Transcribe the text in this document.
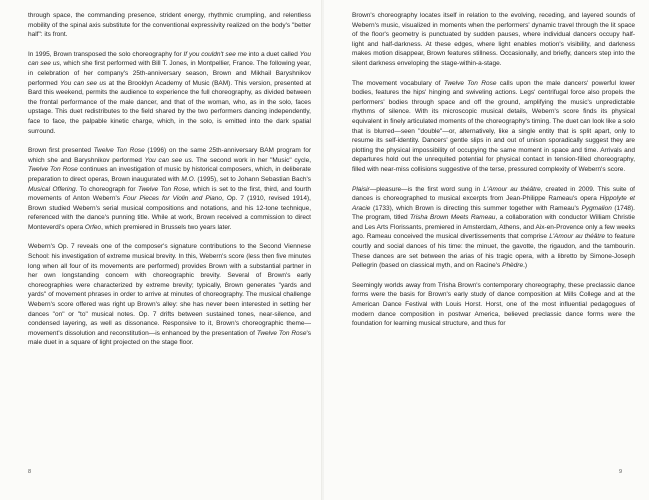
through space, the commanding presence, strident energy, rhythmic crumpling, and relentless mobility of the spinal axis substitute for the conventional expressivity realized on the body's "better half": its front.

In 1995, Brown transposed the solo choreography for If you couldn't see me into a duet called You can see us, which she first performed with Bill T. Jones, in Montpellier, France. The following year, in celebration of her company's 25th-anniversary season, Brown and Mikhail Baryshnikov performed You can see us at the Brooklyn Academy of Music (BAM). This version, presented at Bard this weekend, permits the audience to experience the full choreography, as divided between the frontal performance of the male dancer, and that of the woman, who, as in the solo, faces upstage. This duet redistributes to the field shared by the two performers dancing independently, face to face, the palpable kinetic charge, which, in the solo, is emitted into the dark spatial surround.

Brown first presented Twelve Ton Rose (1996) on the same 25th-anniversary BAM program for which she and Baryshnikov performed You can see us. The second work in her "Music" cycle, Twelve Ton Rose continues an investigation of music by historical composers, which, in deliberate preparation to direct operas, Brown inaugurated with M.O. (1995), set to Johann Sebastian Bach's Musical Offering. To choreograph for Twelve Ton Rose, which is set to the first, third, and fourth movements of Anton Webern's Four Pieces for Violin and Piano, Op. 7 (1910, revised 1914), Brown studied Webern's serial musical compositions and notations, and his 12-tone technique, referenced with the dance's punning title. While at work, Brown received a commission to direct Monteverdi's opera Orfeo, which premiered in Brussels two years later.

Webern's Op. 7 reveals one of the composer's signature contributions to the Second Viennese School: his investigation of extreme musical brevity. In this, Webern's score (less then five minutes long when all four of its movements are performed) provides Brown with a substantial partner in her own longstanding concern with choreographic brevity. Several of Brown's early choreographies were characterized by extreme brevity; typically, Brown generates "yards and yards" of movement phrases in order to arrive at minutes of choreography. The musical challenge Webern's score offered was right up Brown's alley: she has never been interested in setting her dances "on" or "to" musical notes. Op. 7 drifts between sustained tones, near-silence, and condensed layering, as well as dissonance. Responsive to it, Brown's choreographic theme—movement's dissolution and reconstitution—is enhanced by the presentation of Twelve Ton Rose's male duet in a square of light projected on the stage floor.

8

Brown's choreography locates itself in relation to the evolving, receding, and layered sounds of Webern's music, visualized in moments when the performers' dynamic travel through the lit space of the floor's geometry is punctuated by sudden pauses, where individual dancers occupy half-light and half-darkness. At these edges, where light enables motion's visibility, and darkness makes motion disappear, Brown features stillness. Occasionally, and briefly, dancers step into the silent darkness enveloping the stage-within-a-stage.

The movement vocabulary of Twelve Ton Rose calls upon the male dancers' powerful lower bodies, features the hips' hinging and swiveling actions. Legs' centrifugal force also propels the performers' bodies through space and off the ground, amplifying the music's unpredictable rhythms of silence. With its microscopic musical details, Webern's score finds its physical equivalent in finely articulated moments of the choreography's timing. The duet can look like a solo that is blurred—seen "double"—or, alternatively, like a single entity that is split apart, only to resume its self-identity. Dancers' gentle slips in and out of unison sporadically suggest they are plotting the physical impossibility of occupying the same moment in space and time. Arrivals and departures hold out the unrequited potential for physical contact in tension-filled choreography, filled with near-miss collisions suggestive of the terse, pressured complexity of Webern's score.

Plaisir—pleasure—is the first word sung in L'Amour au théâtre, created in 2009. This suite of dances is choreographed to musical excerpts from Jean-Philippe Rameau's opera Hippolyte et Aracie (1733), which Brown is directing this summer together with Rameau's Pygmalion (1748). The program, titled Trisha Brown Meets Rameau, a collaboration with conductor William Christie and Les Arts Florissants, premiered in Amsterdam, Athens, and Aix-en-Provence only a few weeks ago. Rameau conceived the musical divertissements that comprise L'Amour au théâtre to feature courtly and social dances of his time: the minuet, the gavotte, the rigaudon, and the tambourin. These dances are set between the arias of his tragic opera, with a libretto by Simone-Joseph Pellegrin (based on classical myth, and on Racine's Phèdre.)

Seemingly worlds away from Trisha Brown's contemporary choreography, these preclassic dance forms were the basis for Brown's early study of dance composition at Mills College and at the American Dance Festival with Louis Horst. Horst, one of the most influential pedagogues of modern dance composition in postwar America, believed preclassic dance forms were the foundation for learning musical structure, and thus for

9
